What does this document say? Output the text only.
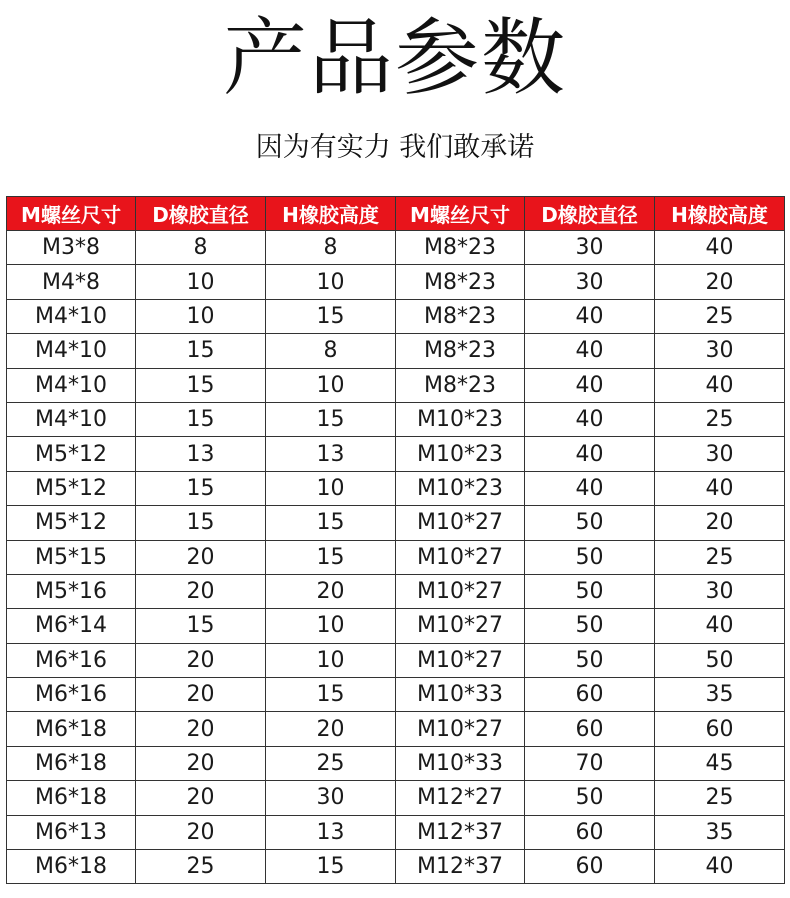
产品参数
因为有实力 我们敢承诺
M螺丝尺寸	D橡胶直径	H橡胶高度	M螺丝尺寸	D橡胶直径	H橡胶高度
M3*8	8	8	M8*23	30	40
M4*8	10	10	M8*23	30	20
M4*10	10	15	M8*23	40	25
M4*10	15	8	M8*23	40	30
M4*10	15	10	M8*23	40	40
M4*10	15	15	M10*23	40	25
M5*12	13	13	M10*23	40	30
M5*12	15	10	M10*23	40	40
M5*12	15	15	M10*27	50	20
M5*15	20	15	M10*27	50	25
M5*16	20	20	M10*27	50	30
M6*14	15	10	M10*27	50	40
M6*16	20	10	M10*27	50	50
M6*16	20	15	M10*33	60	35
M6*18	20	20	M10*27	60	60
M6*18	20	25	M10*33	70	45
M6*18	20	30	M12*27	50	25
M6*13	20	13	M12*37	60	35
M6*18	25	15	M12*37	60	40
